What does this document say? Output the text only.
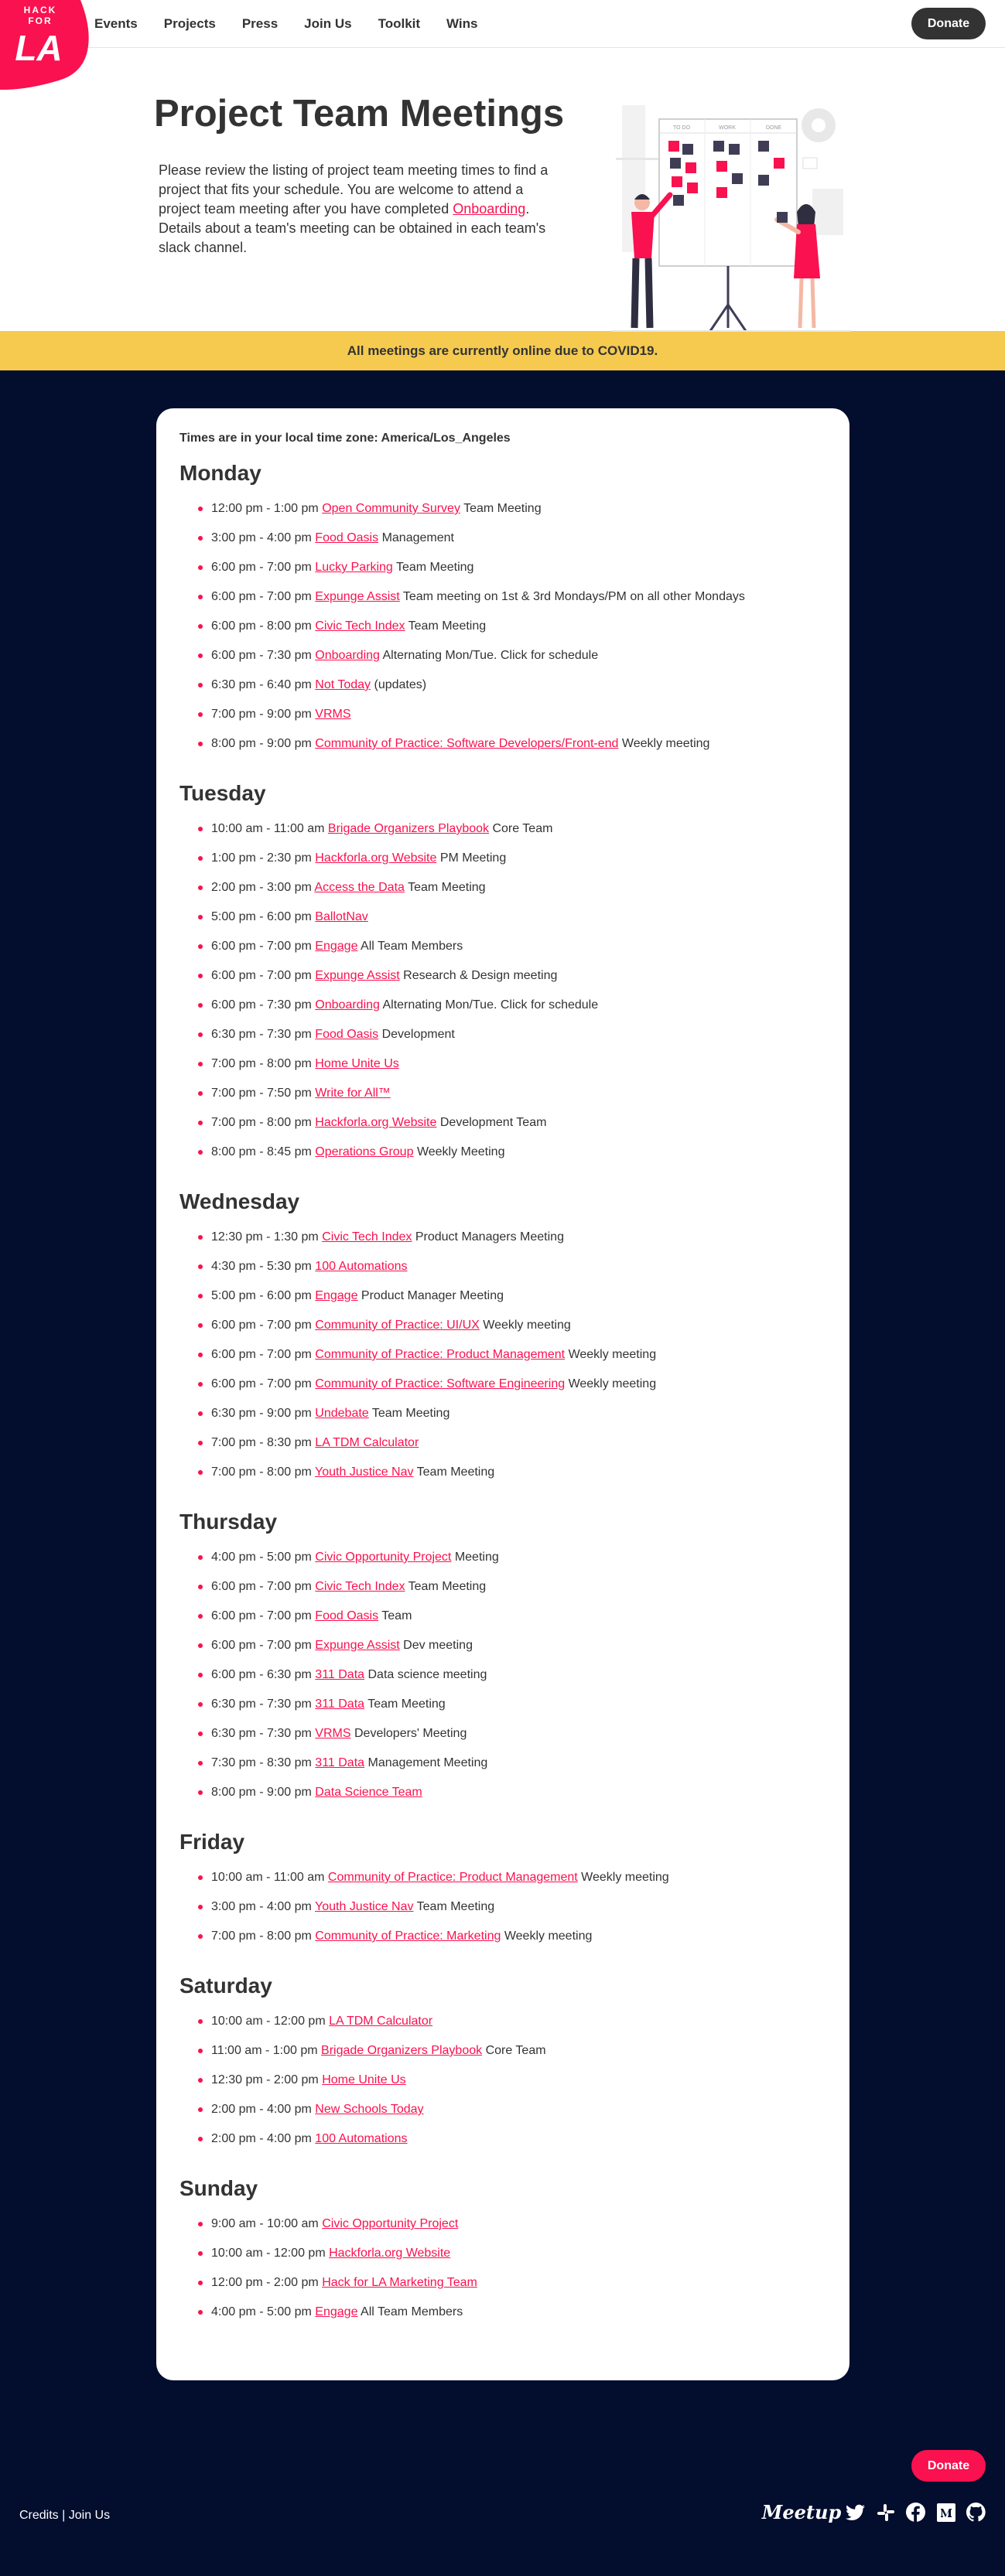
HACK
FOR
LA
Events Projects Press Join Us Toolkit Wins	Donate
Project Team Meetings

Please review the listing of project team meeting times to find a project that fits your schedule. You are welcome to attend a project team meeting after you have completed Onboarding. Details about a team's meeting can be obtained in each team's slack channel.

TO DO	WORK	DONE
All meetings are currently online due to COVID19.
Times are in your local time zone: America/Los_Angeles
Monday
12:00 pm - 1:00 pm Open Community Survey Team Meeting
3:00 pm - 4:00 pm Food Oasis Management
6:00 pm - 7:00 pm Lucky Parking Team Meeting
6:00 pm - 7:00 pm Expunge Assist Team meeting on 1st & 3rd Mondays/PM on all other Mondays
6:00 pm - 8:00 pm Civic Tech Index Team Meeting
6:00 pm - 7:30 pm Onboarding Alternating Mon/Tue. Click for schedule
6:30 pm - 6:40 pm Not Today (updates)
7:00 pm - 9:00 pm VRMS
8:00 pm - 9:00 pm Community of Practice: Software Developers/Front-end Weekly meeting
Tuesday
10:00 am - 11:00 am Brigade Organizers Playbook Core Team
1:00 pm - 2:30 pm Hackforla.org Website PM Meeting
2:00 pm - 3:00 pm Access the Data Team Meeting
5:00 pm - 6:00 pm BallotNav
6:00 pm - 7:00 pm Engage All Team Members
6:00 pm - 7:00 pm Expunge Assist Research & Design meeting
6:00 pm - 7:30 pm Onboarding Alternating Mon/Tue. Click for schedule
6:30 pm - 7:30 pm Food Oasis Development
7:00 pm - 8:00 pm Home Unite Us
7:00 pm - 7:50 pm Write for All™
7:00 pm - 8:00 pm Hackforla.org Website Development Team
8:00 pm - 8:45 pm Operations Group Weekly Meeting
Wednesday
12:30 pm - 1:30 pm Civic Tech Index Product Managers Meeting
4:30 pm - 5:30 pm 100 Automations
5:00 pm - 6:00 pm Engage Product Manager Meeting
6:00 pm - 7:00 pm Community of Practice: UI/UX Weekly meeting
6:00 pm - 7:00 pm Community of Practice: Product Management Weekly meeting
6:00 pm - 7:00 pm Community of Practice: Software Engineering Weekly meeting
6:30 pm - 9:00 pm Undebate Team Meeting
7:00 pm - 8:30 pm LA TDM Calculator
7:00 pm - 8:00 pm Youth Justice Nav Team Meeting
Thursday
4:00 pm - 5:00 pm Civic Opportunity Project Meeting
6:00 pm - 7:00 pm Civic Tech Index Team Meeting
6:00 pm - 7:00 pm Food Oasis Team
6:00 pm - 7:00 pm Expunge Assist Dev meeting
6:00 pm - 6:30 pm 311 Data Data science meeting
6:30 pm - 7:30 pm 311 Data Team Meeting
6:30 pm - 7:30 pm VRMS Developers' Meeting
7:30 pm - 8:30 pm 311 Data Management Meeting
8:00 pm - 9:00 pm Data Science Team
Friday
10:00 am - 11:00 am Community of Practice: Product Management Weekly meeting
3:00 pm - 4:00 pm Youth Justice Nav Team Meeting
7:00 pm - 8:00 pm Community of Practice: Marketing Weekly meeting
Saturday
10:00 am - 12:00 pm LA TDM Calculator
11:00 am - 1:00 pm Brigade Organizers Playbook Core Team
12:30 pm - 2:00 pm Home Unite Us
2:00 pm - 4:00 pm New Schools Today
2:00 pm - 4:00 pm 100 Automations
Sunday
9:00 am - 10:00 am Civic Opportunity Project
10:00 am - 12:00 pm Hackforla.org Website
12:00 pm - 2:00 pm Hack for LA Marketing Team
4:00 pm - 5:00 pm Engage All Team Members
Donate
Credits | Join Us	Meetup
